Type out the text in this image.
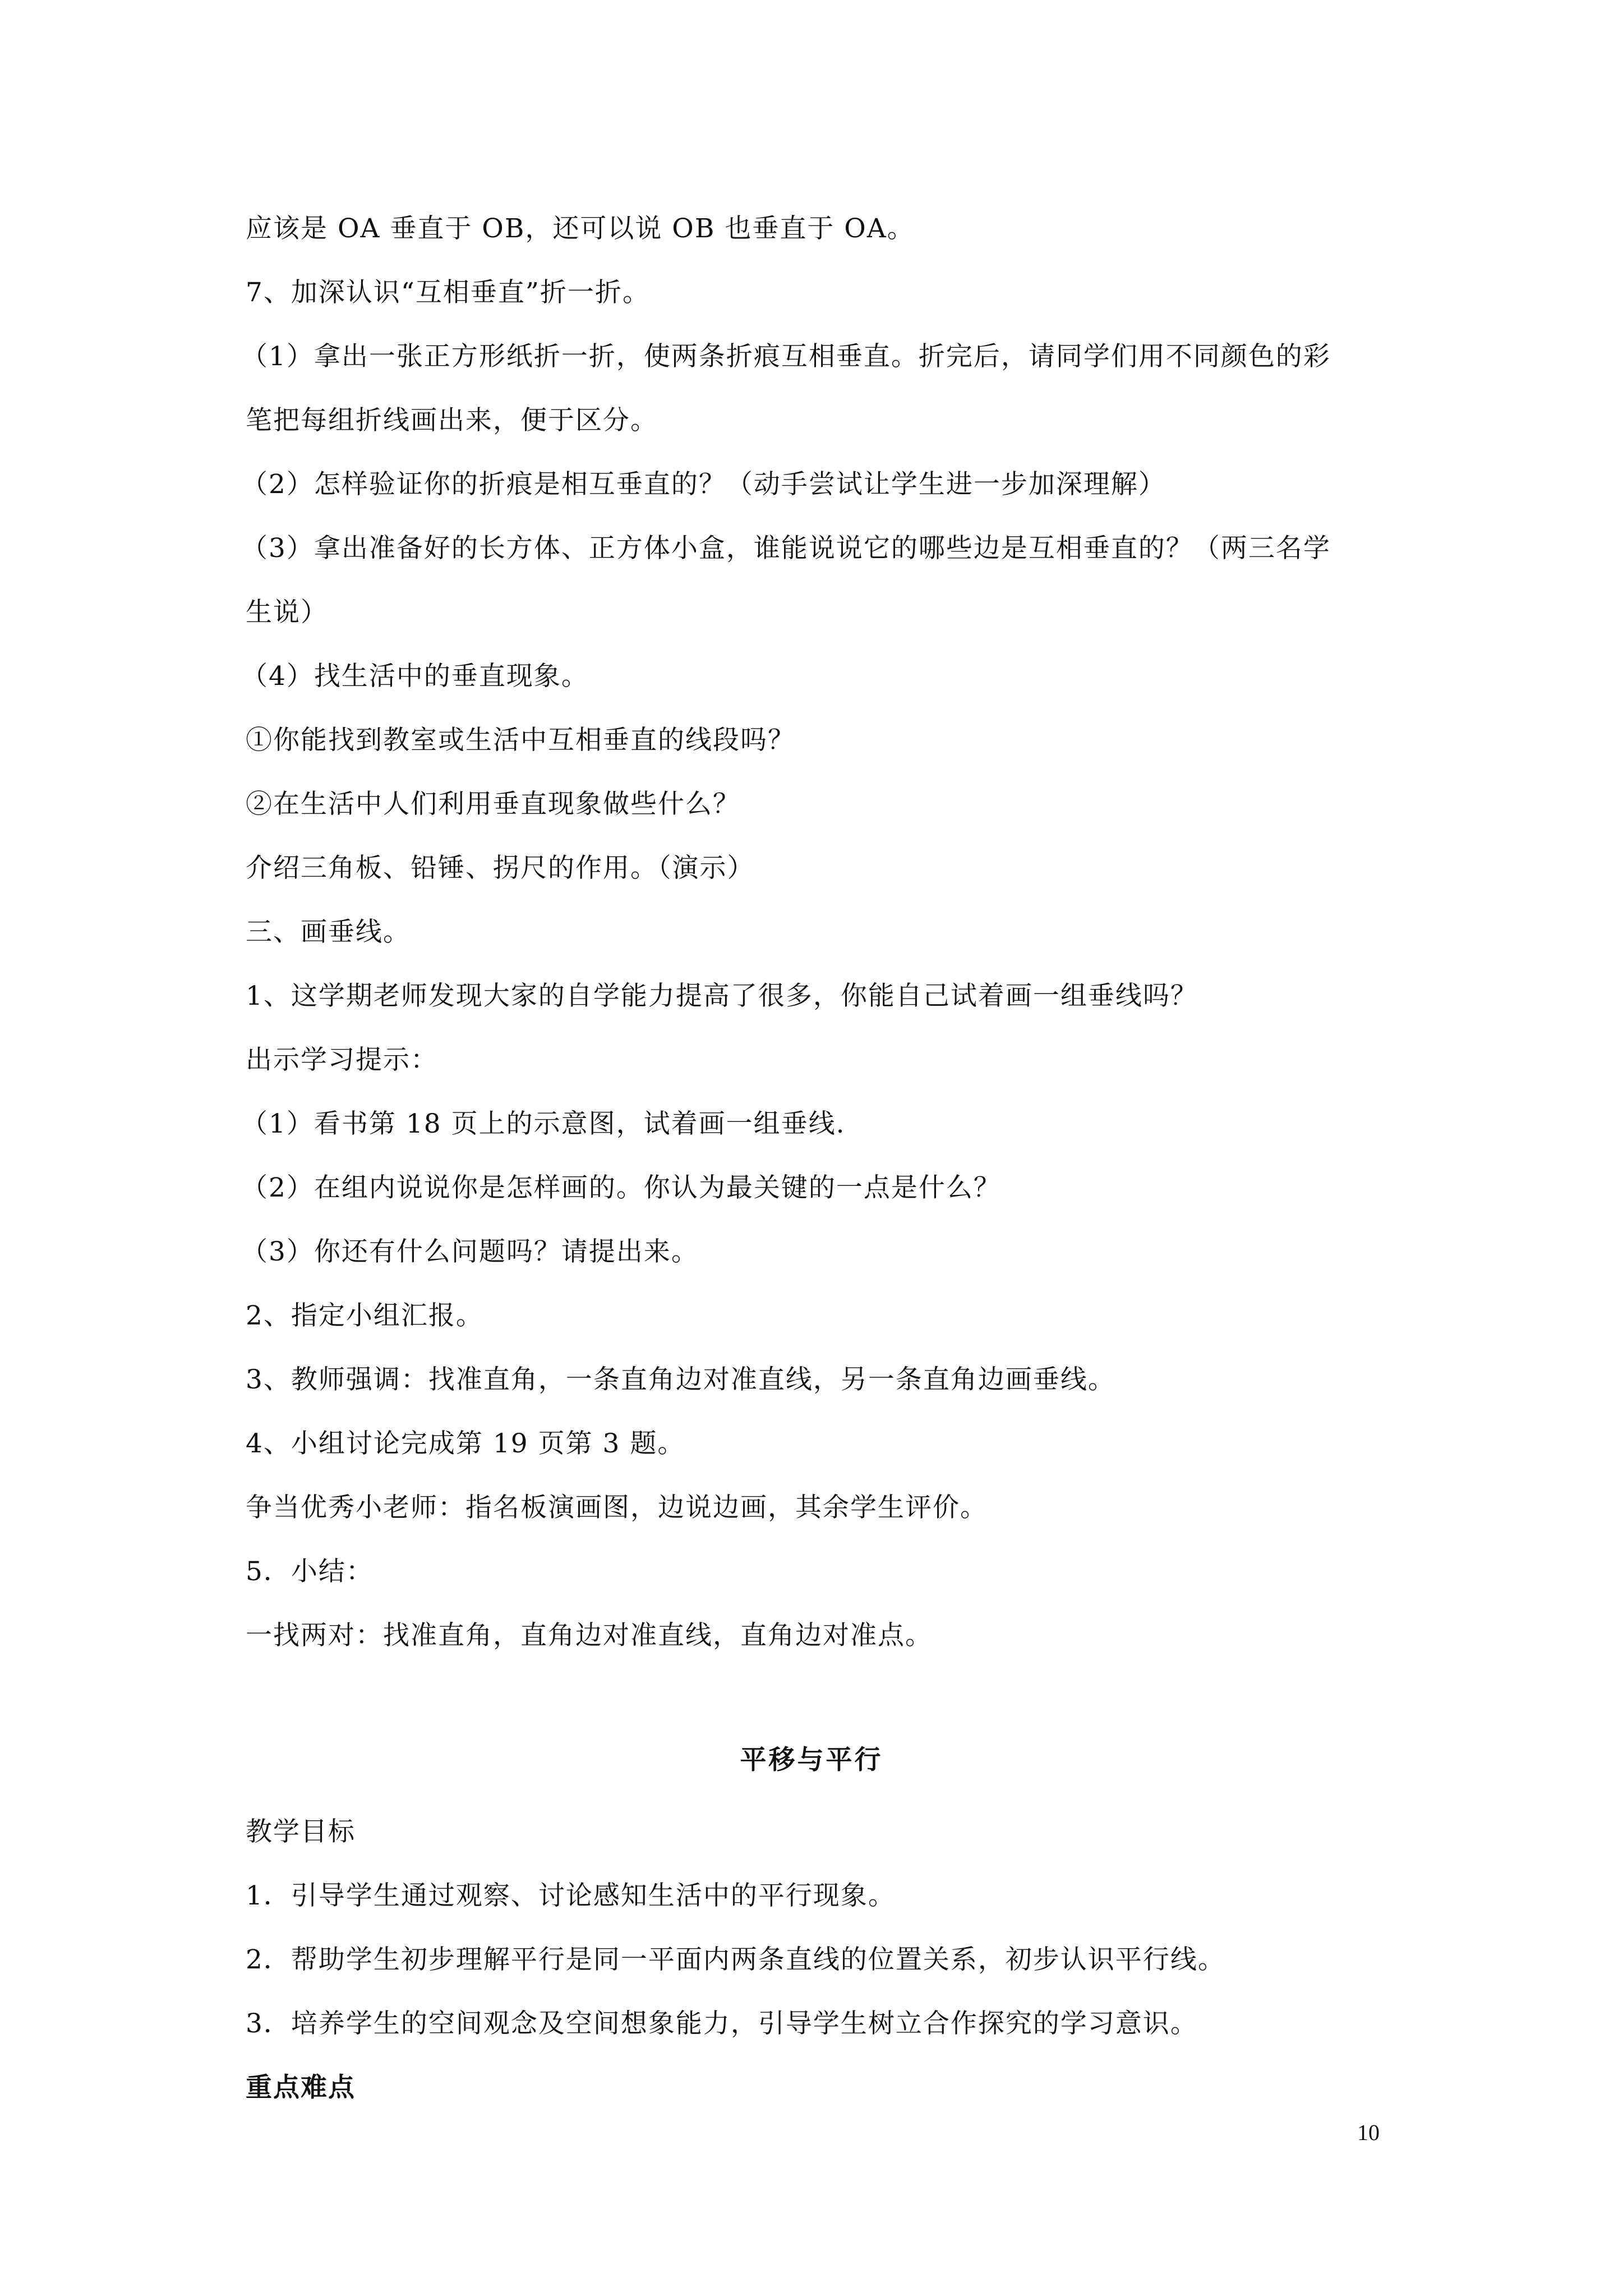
应该是 OA 垂直于 OB，还可以说 OB 也垂直于 OA。
7、加深认识“互相垂直”折一折。
（1）拿出一张正方形纸折一折，使两条折痕互相垂直。折完后，请同学们用不同颜色的彩
笔把每组折线画出来，便于区分。
（2）怎样验证你的折痕是相互垂直的？（动手尝试让学生进一步加深理解）
（3）拿出准备好的长方体、正方体小盒，谁能说说它的哪些边是互相垂直的？（两三名学
生说）
（4）找生活中的垂直现象。
①你能找到教室或生活中互相垂直的线段吗？
②在生活中人们利用垂直现象做些什么？
介绍三角板、铅锤、拐尺的作用。（演示）
三、画垂线。
1、这学期老师发现大家的自学能力提高了很多，你能自己试着画一组垂线吗？
出示学习提示：
（1）看书第 18 页上的示意图，试着画一组垂线.
（2）在组内说说你是怎样画的。你认为最关键的一点是什么？
（3）你还有什么问题吗？请提出来。
2、指定小组汇报。
3、教师强调：找准直角，一条直角边对准直线，另一条直角边画垂线。
4、小组讨论完成第 19 页第 3 题。
争当优秀小老师：指名板演画图，边说边画，其余学生评价。
5．小结：
一找两对：找准直角，直角边对准直线，直角边对准点。
平移与平行
教学目标
1．引导学生通过观察、讨论感知生活中的平行现象。
2．帮助学生初步理解平行是同一平面内两条直线的位置关系，初步认识平行线。
3．培养学生的空间观念及空间想象能力，引导学生树立合作探究的学习意识。
重点难点
10
